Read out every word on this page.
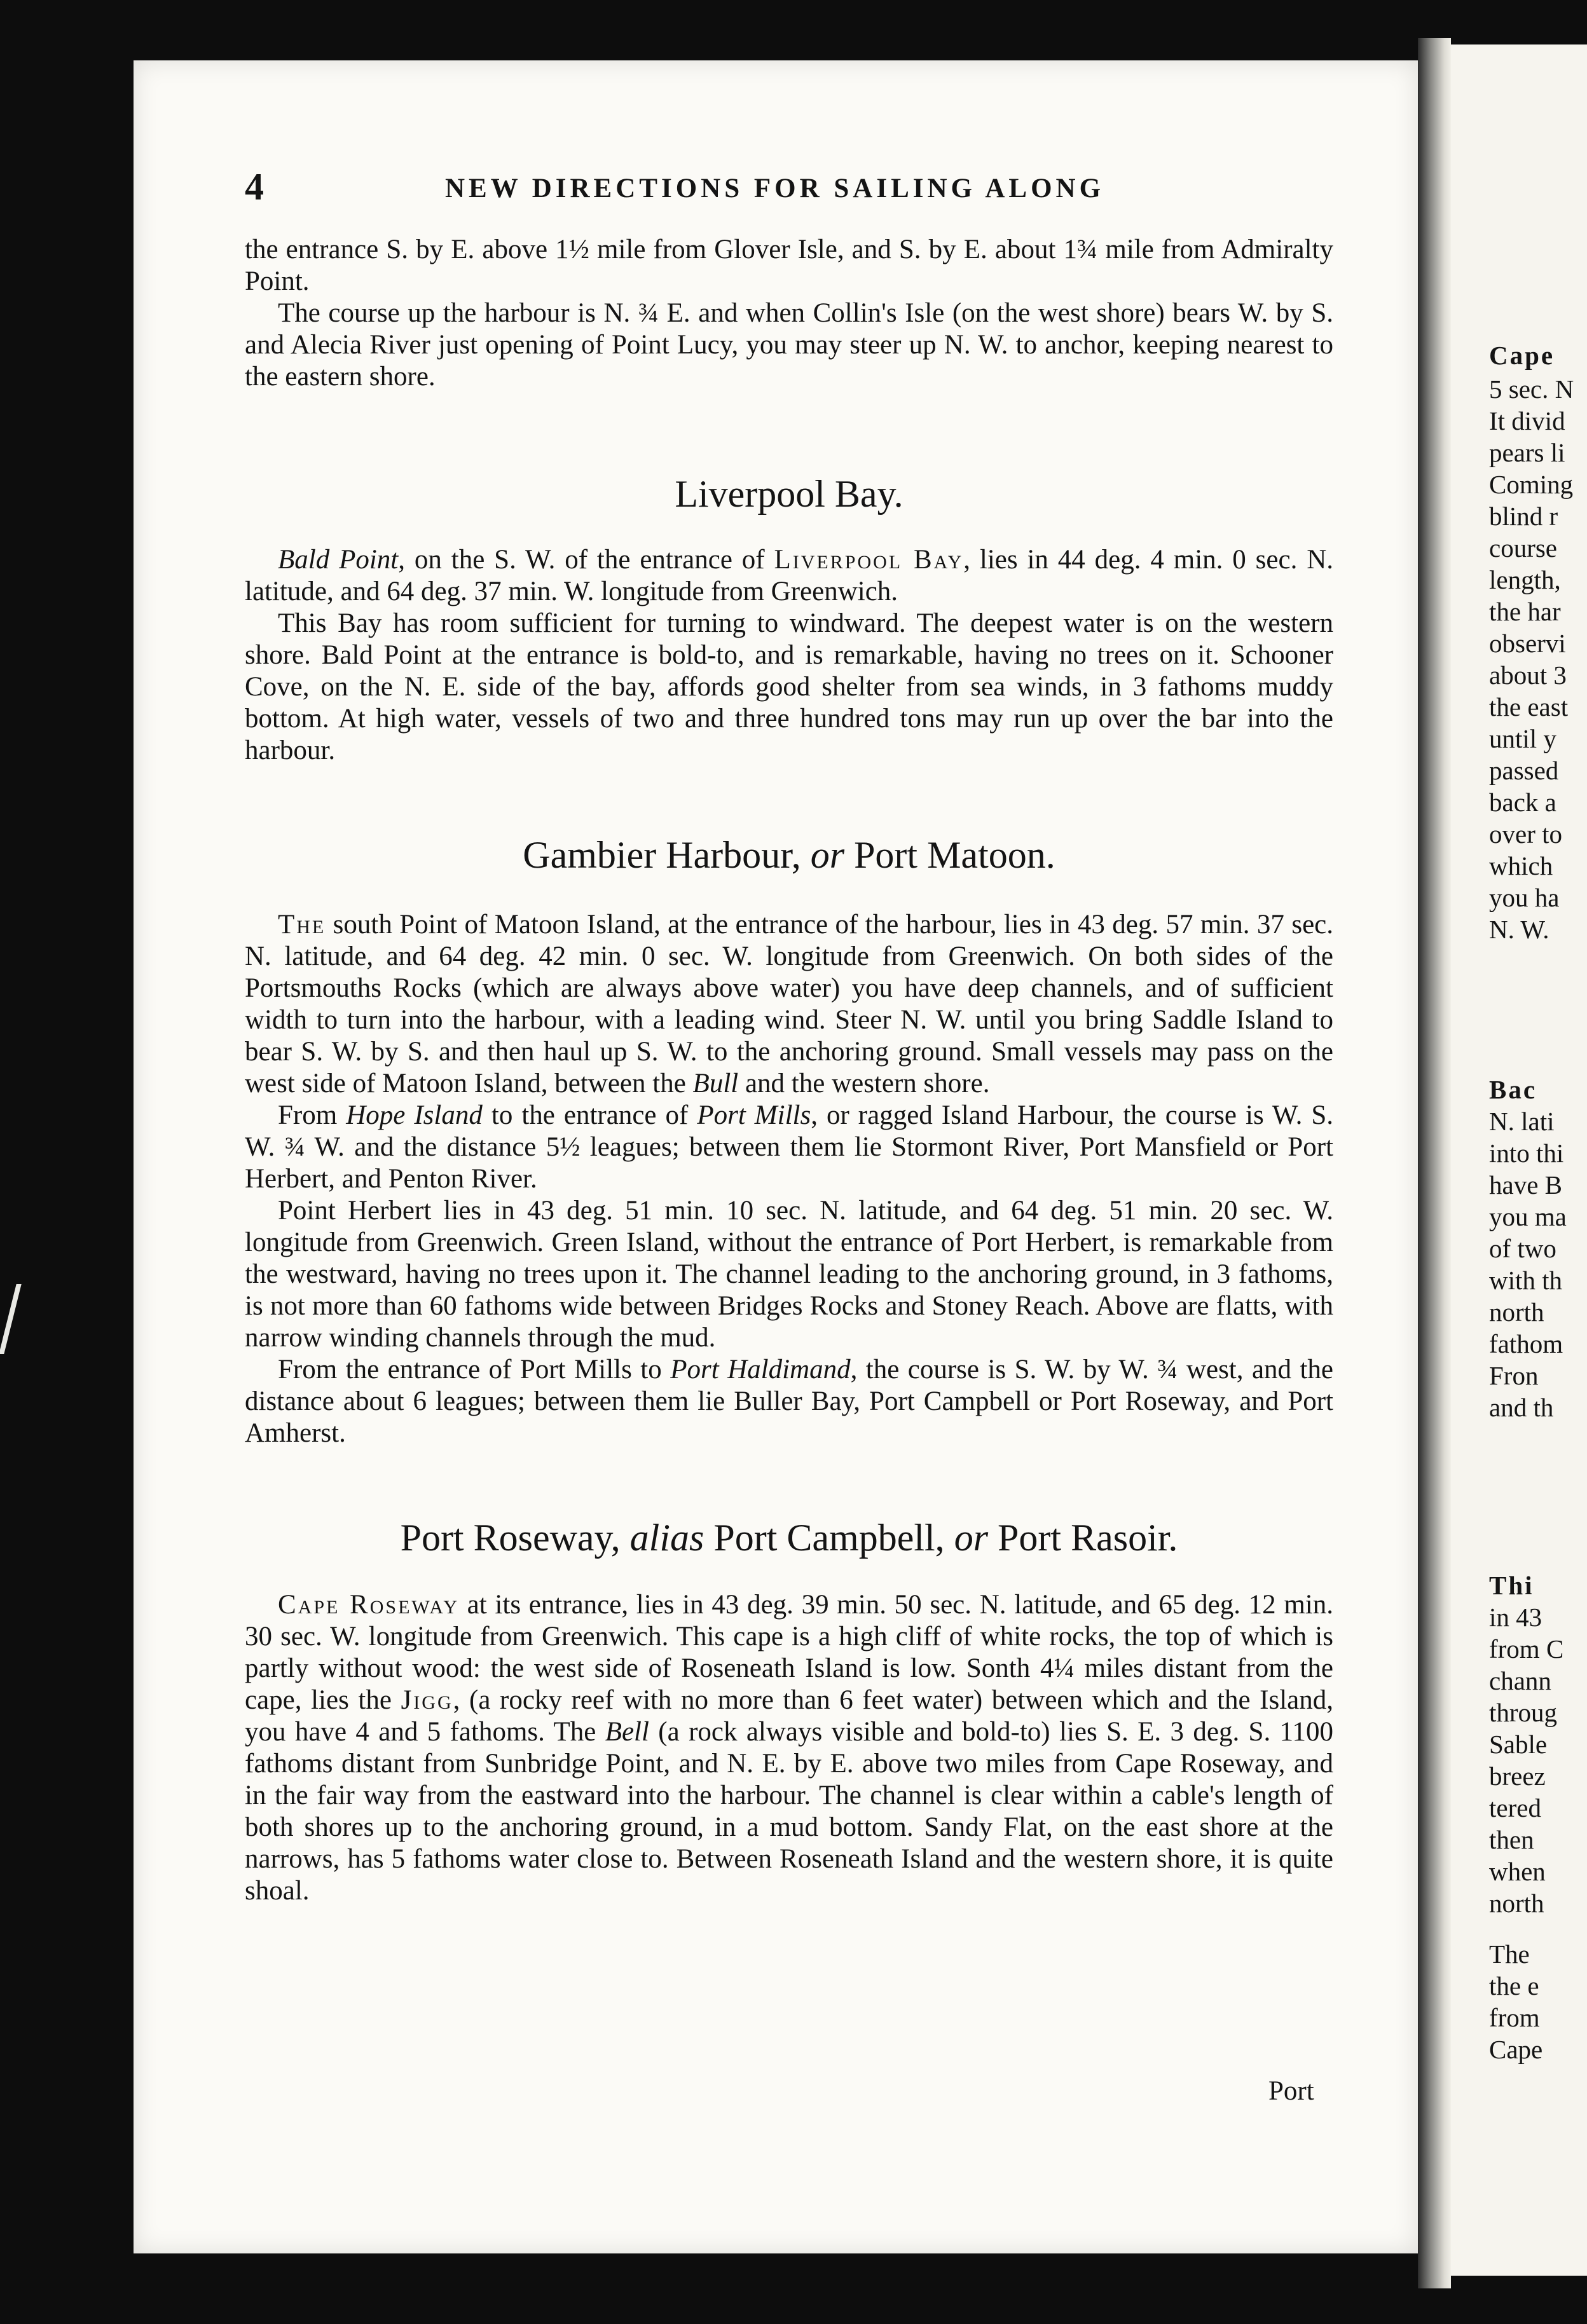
Cape
5 sec. N
It divid
pears li
Coming
blind r
course
length,
the har
observi
about 3
the east
until y
passed
back a
over to
which
you ha
N. W.
Bac
N. lati
into thi
have B
you ma
of two
with th
north
fathom
Fron
and th
Thi
in 43
from C
chann
throug
Sable
breez
tered
then
when
north
The
the e
from
Cape
4	NEW DIRECTIONS FOR SAILING ALONG

the entrance S. by E. above 1½ mile from Glover Isle, and S. by E. about 1¾ mile from Admiralty Point.

The course up the harbour is N. ¾ E. and when Collin's Isle (on the west shore) bears W. by S. and Alecia River just opening of Point Lucy, you may steer up N. W. to anchor, keeping nearest to the eastern shore.

Liverpool Bay.

Bald Point, on the S. W. of the entrance of Liverpool Bay, lies in 44 deg. 4 min. 0 sec. N. latitude, and 64 deg. 37 min. W. longitude from Greenwich.

This Bay has room sufficient for turning to windward. The deepest water is on the western shore. Bald Point at the entrance is bold-to, and is remarkable, having no trees on it. Schooner Cove, on the N. E. side of the bay, affords good shelter from sea winds, in 3 fathoms muddy bottom. At high water, vessels of two and three hundred tons may run up over the bar into the harbour.

Gambier Harbour, or Port Matoon.

The south Point of Matoon Island, at the entrance of the harbour, lies in 43 deg. 57 min. 37 sec. N. latitude, and 64 deg. 42 min. 0 sec. W. longitude from Greenwich. On both sides of the Portsmouths Rocks (which are always above water) you have deep channels, and of sufficient width to turn into the harbour, with a leading wind. Steer N. W. until you bring Saddle Island to bear S. W. by S. and then haul up S. W. to the anchoring ground. Small vessels may pass on the west side of Matoon Island, between the Bull and the western shore.

From Hope Island to the entrance of Port Mills, or ragged Island Harbour, the course is W. S. W. ¾ W. and the distance 5½ leagues; between them lie Stormont River, Port Mansfield or Port Herbert, and Penton River.

Point Herbert lies in 43 deg. 51 min. 10 sec. N. latitude, and 64 deg. 51 min. 20 sec. W. longitude from Greenwich. Green Island, without the entrance of Port Herbert, is remarkable from the westward, having no trees upon it. The channel leading to the anchoring ground, in 3 fathoms, is not more than 60 fathoms wide between Bridges Rocks and Stoney Reach. Above are flatts, with narrow winding channels through the mud.

From the entrance of Port Mills to Port Haldimand, the course is S. W. by W. ¾ west, and the distance about 6 leagues; between them lie Buller Bay, Port Campbell or Port Roseway, and Port Amherst.

Port Roseway, alias Port Campbell, or Port Rasoir.

Cape Roseway at its entrance, lies in 43 deg. 39 min. 50 sec. N. latitude, and 65 deg. 12 min. 30 sec. W. longitude from Greenwich. This cape is a high cliff of white rocks, the top of which is partly without wood: the west side of Roseneath Island is low. Sonth 4¼ miles distant from the cape, lies the Jigg, (a rocky reef with no more than 6 feet water) between which and the Island, you have 4 and 5 fathoms. The Bell (a rock always visible and bold-to) lies S. E. 3 deg. S. 1100 fathoms distant from Sunbridge Point, and N. E. by E. above two miles from Cape Roseway, and in the fair way from the eastward into the harbour. The channel is clear within a cable's length of both shores up to the anchoring ground, in a mud bottom. Sandy Flat, on the east shore at the narrows, has 5 fathoms water close to. Between Roseneath Island and the western shore, it is quite shoal.

Port
